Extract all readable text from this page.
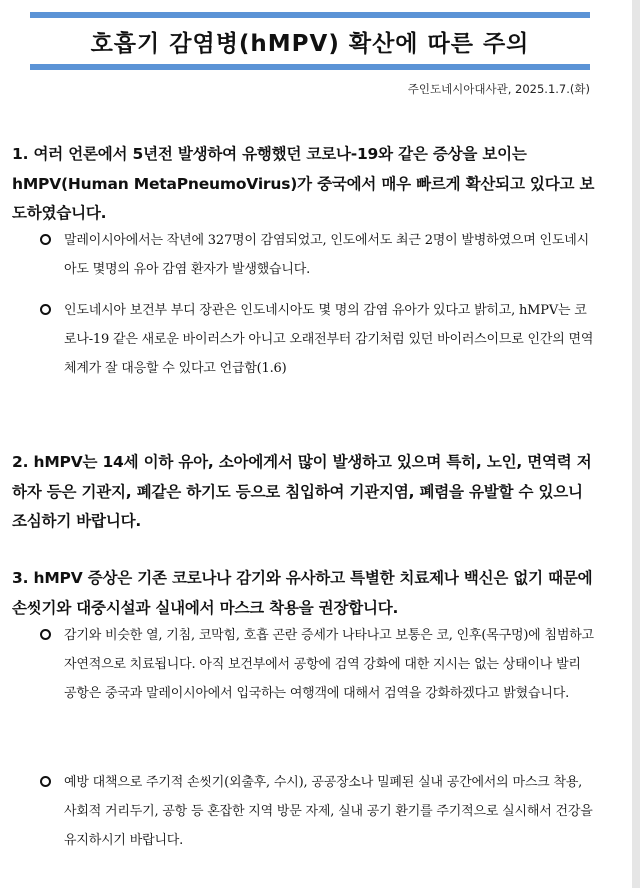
호흡기 감염병(hMPV) 확산에 따른 주의
주인도네시아대사관, 2025.1.7.(화)
1. 여러 언론에서 5년전 발생하여 유행했던 코로나-19와 같은 증상을 보이는 hMPV(Human MetaPneumoVirus)가 중국에서 매우 빠르게 확산되고 있다고 보도하였습니다.
말레이시아에서는 작년에 327명이 감염되었고, 인도에서도 최근 2명이 발병하였으며 인도네시아도 몇명의 유아 감염 환자가 발생했습니다.
인도네시아 보건부 부디 장관은 인도네시아도 몇 명의 감염 유아가 있다고 밝히고, hMPV는 코로나-19 같은 새로운 바이러스가 아니고 오래전부터 감기처럼 있던 바이러스이므로 인간의 면역체계가 잘 대응할 수 있다고 언급함(1.6)
2. hMPV는 14세 이하 유아, 소아에게서 많이 발생하고 있으며 특히, 노인, 면역력 저하자 등은 기관지, 폐같은 하기도 등으로 침입하여 기관지염, 폐렴을 유발할 수 있으니 조심하기 바랍니다.
3. hMPV 증상은 기존 코로나나 감기와 유사하고 특별한 치료제나 백신은 없기 때문에 손씻기와 대중시설과 실내에서 마스크 착용을 권장합니다.
감기와 비슷한 열, 기침, 코막힘, 호흡 곤란 증세가 나타나고 보통은 코, 인후(목구멍)에 침범하고 자연적으로 치료됩니다. 아직 보건부에서 공항에 검역 강화에 대한 지시는 없는 상태이나 발리 공항은 중국과 말레이시아에서 입국하는 여행객에 대해서 검역을 강화하겠다고 밝혔습니다.
예방 대책으로 주기적 손씻기(외출후, 수시), 공공장소나 밀폐된 실내 공간에서의 마스크 착용, 사회적 거리두기, 공항 등 혼잡한 지역 방문 자제, 실내 공기 환기를 주기적으로 실시해서 건강을 유지하시기 바랍니다.
